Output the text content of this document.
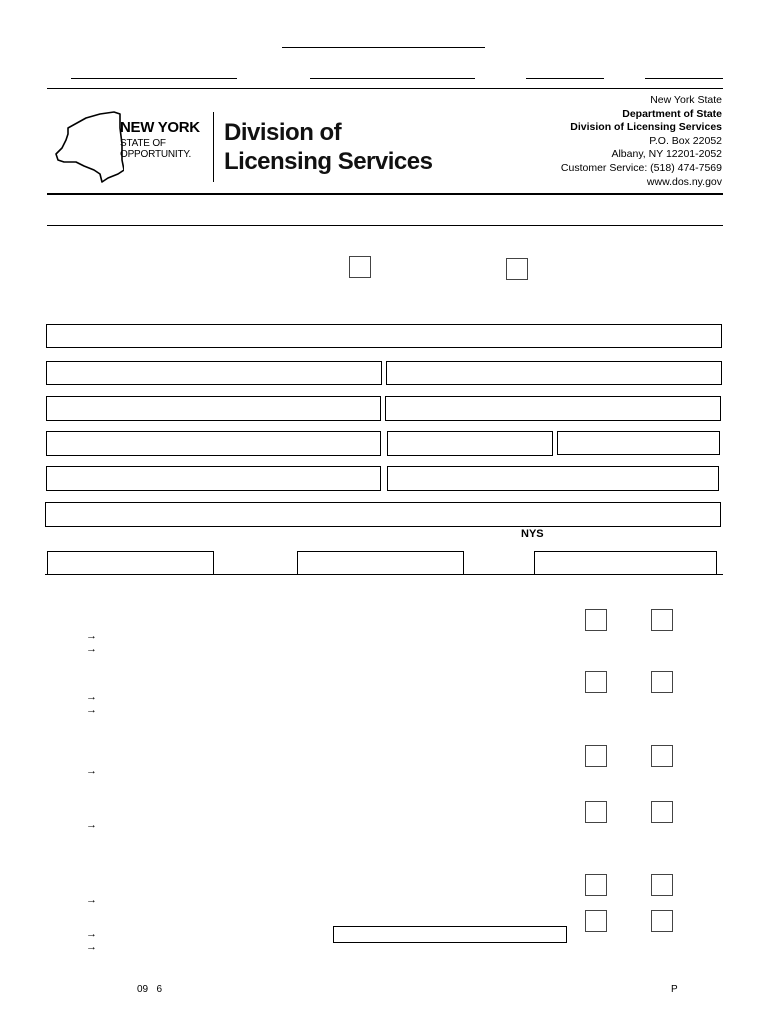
NEW YORK
STATE OF
OPPORTUNITY.
Division of
Licensing Services
New York State
Department of State
Division of Licensing Services
P.O. Box 22052
Albany, NY 12201-2052
Customer Service: (518) 474-7569
www.dos.ny.gov
NYS
→
→
→
→
→
→
→
→
→
09   6	P
